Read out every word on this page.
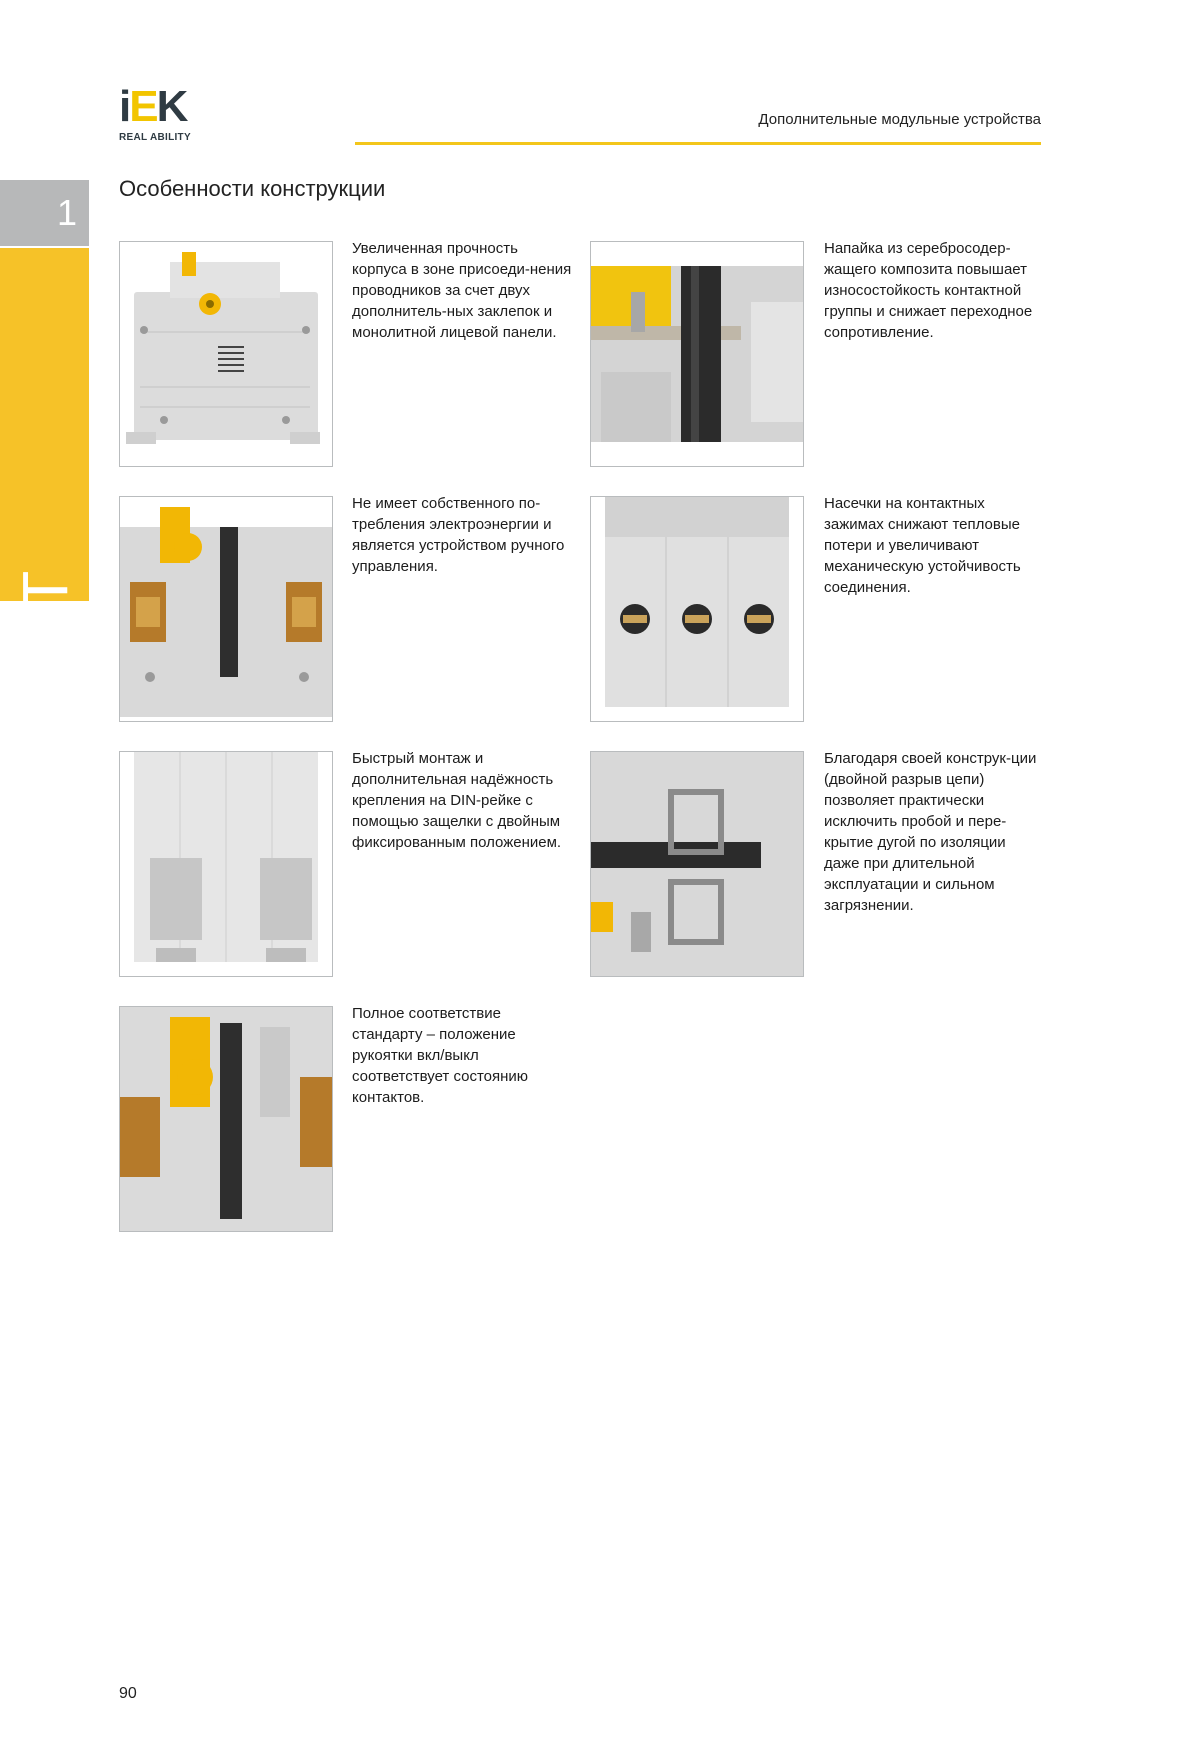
i E K
REAL ABILITY
Дополнительные модульные устройства
1
KARAT
Особенности конструкции
Увеличенная прочность корпуса в зоне присоеди-нения проводников за счет двух дополнитель-ных заклепок и монолитной лицевой панели.
Напайка из серебросодер-жащего композита повышает износостойкость контактной группы и снижает переходное сопротивление.
Не имеет собственного по-требления электроэнергии и является устройством ручного управления.
Насечки на контактных зажимах снижают тепловые потери и увеличивают механическую устойчивость соединения.
Быстрый монтаж и дополнительная надёжность крепления на DIN-рейке с помощью защелки с двойным фиксированным положением.
Благодаря своей конструк-ции (двойной разрыв цепи) позволяет практически исключить пробой и пере-крытие дугой по изоляции даже при длительной эксплуатации и сильном загрязнении.
Полное соответствие стандарту – положение рукоятки вкл/выкл соответствует состоянию контактов.
90
